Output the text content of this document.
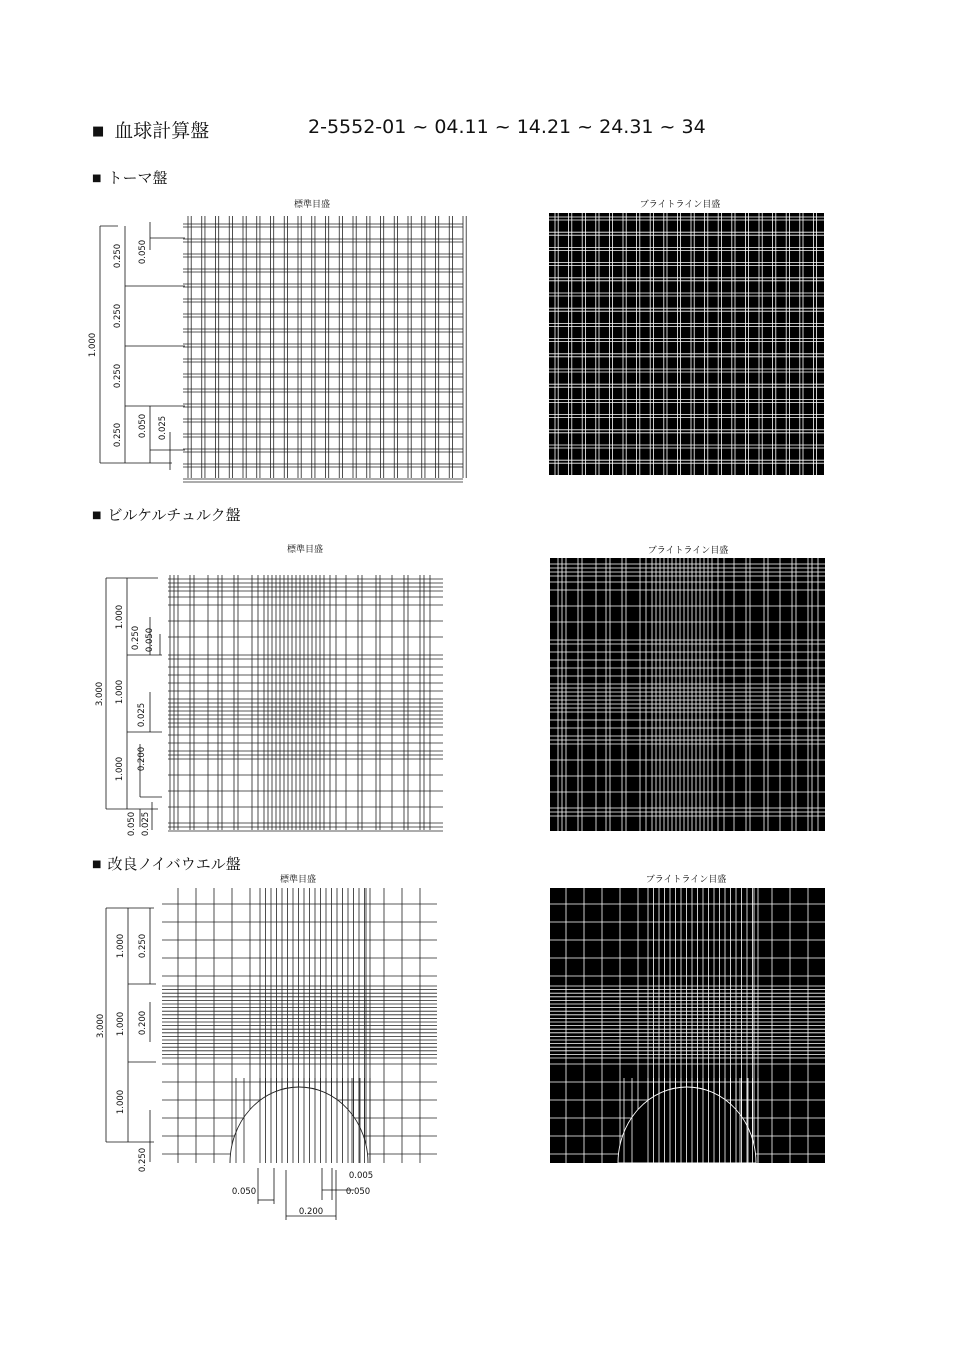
■ 血球計算盤	2-5552-01 ~ 04.11 ~ 14.21 ~ 24.31 ~ 34
■ トーマ盤
標準目盛	ブライトライン目盛
■ ビルケルチュルク盤
標準目盛	ブライトライン目盛
■ 改良ノイバウエル盤
標準目盛	ブライトライン目盛
1.000
0.250
0.250
0.250
0.250
0.050
0.050 0.025
3.000
1.000
1.000
1.000
0.250 0.050
0.025
0.200
0.050 0.025
3.000
1.000
1.000
1.000
0.250
0.200
0.250
0.050
0.005
0.050
0.200
